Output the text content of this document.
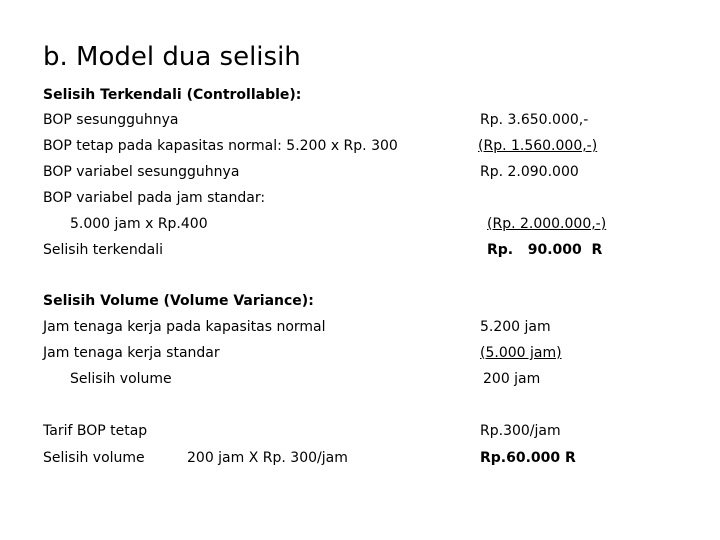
b. Model dua selisih
Selisih Terkendali (Controllable):
BOP sesungguhnya	Rp. 3.650.000,-
BOP tetap pada kapasitas normal: 5.200 x Rp. 300	(Rp. 1.560.000,-)
BOP variabel sesungguhnya	Rp. 2.090.000
BOP variabel pada jam standar:
5.000 jam x Rp.400	(Rp. 2.000.000,-)
Selisih terkendali	Rp.   90.000  R
Selisih Volume (Volume Variance):
Jam tenaga kerja pada kapasitas normal	5.200 jam
Jam tenaga kerja standar	(5.000 jam)
Selisih volume	200 jam
Tarif BOP tetap	Rp.300/jam
Selisih volume	200 jam X Rp. 300/jam	Rp.60.000 R
